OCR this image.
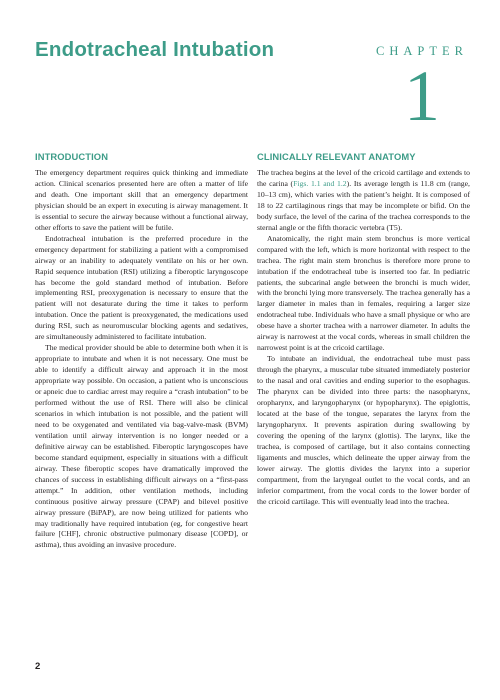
Endotracheal Intubation	CHAPTER
1
INTRODUCTION

The emergency department requires quick thinking and immediate action. Clinical scenarios presented here are often a matter of life and death. One important skill that an emergency department physician should be an expert in executing is airway management. It is essential to secure the airway because without a functional airway, other efforts to save the patient will be futile.

Endotracheal intubation is the preferred procedure in the emergency department for stabilizing a patient with a compromised airway or an inability to adequately ventilate on his or her own. Rapid sequence intubation (RSI) utilizing a fiberoptic laryngoscope has become the gold standard method of intubation. Before implementing RSI, preoxygenation is necessary to ensure that the patient will not desaturate during the time it takes to perform intubation. Once the patient is preoxygenated, the medications used during RSI, such as neuromuscular blocking agents and sedatives, are simultaneously administered to facilitate intubation.

The medical provider should be able to determine both when it is appropriate to intubate and when it is not necessary. One must be able to identify a difficult airway and approach it in the most appropriate way possible. On occasion, a patient who is unconscious or apneic due to cardiac arrest may require a “crash intubation” to be performed without the use of RSI. There will also be clinical scenarios in which intubation is not possible, and the patient will need to be oxygenated and ventilated via bag-valve-mask (BVM) ventilation until airway intervention is no longer needed or a definitive airway can be established. Fiberoptic laryngoscopes have become standard equipment, especially in situations with a difficult airway. These fiberoptic scopes have dramatically improved the chances of success in establishing difficult airways on a “first-pass attempt.” In addition, other ventilation methods, including continuous positive airway pressure (CPAP) and bilevel positive airway pressure (BiPAP), are now being utilized for patients who may traditionally have required intubation (eg, for congestive heart failure [CHF], chronic obstructive pulmonary disease [COPD], or asthma), thus avoiding an invasive procedure.

CLINICALLY RELEVANT ANATOMY

The trachea begins at the level of the cricoid cartilage and extends to the carina (Figs. 1.1 and 1.2). Its average length is 11.8 cm (range, 10–13 cm), which varies with the patient’s height. It is composed of 18 to 22 cartilaginous rings that may be incomplete or bifid. On the body surface, the level of the carina of the trachea corresponds to the sternal angle or the fifth thoracic vertebra (T5).

Anatomically, the right main stem bronchus is more vertical compared with the left, which is more horizontal with respect to the trachea. The right main stem bronchus is therefore more prone to intubation if the endotracheal tube is inserted too far. In pediatric patients, the subcarinal angle between the bronchi is much wider, with the bronchi lying more transversely. The trachea generally has a larger diameter in males than in females, requiring a larger size endotracheal tube. Individuals who have a small physique or who are obese have a shorter trachea with a narrower diameter. In adults the airway is narrowest at the vocal cords, whereas in small children the narrowest point is at the cricoid cartilage.

To intubate an individual, the endotracheal tube must pass through the pharynx, a muscular tube situated immediately posterior to the nasal and oral cavities and ending superior to the esophagus. The pharynx can be divided into three parts: the nasopharynx, oropharynx, and laryngopharynx (or hypopharynx). The epiglottis, located at the base of the tongue, separates the larynx from the laryngopharynx. It prevents aspiration during swallowing by covering the opening of the larynx (glottis). The larynx, like the trachea, is composed of cartilage, but it also contains connecting ligaments and muscles, which delineate the upper airway from the lower airway. The glottis divides the larynx into a superior compartment, from the laryngeal outlet to the vocal cords, and an inferior compartment, from the vocal cords to the lower border of the cricoid cartilage. This will eventually lead into the trachea.

2
